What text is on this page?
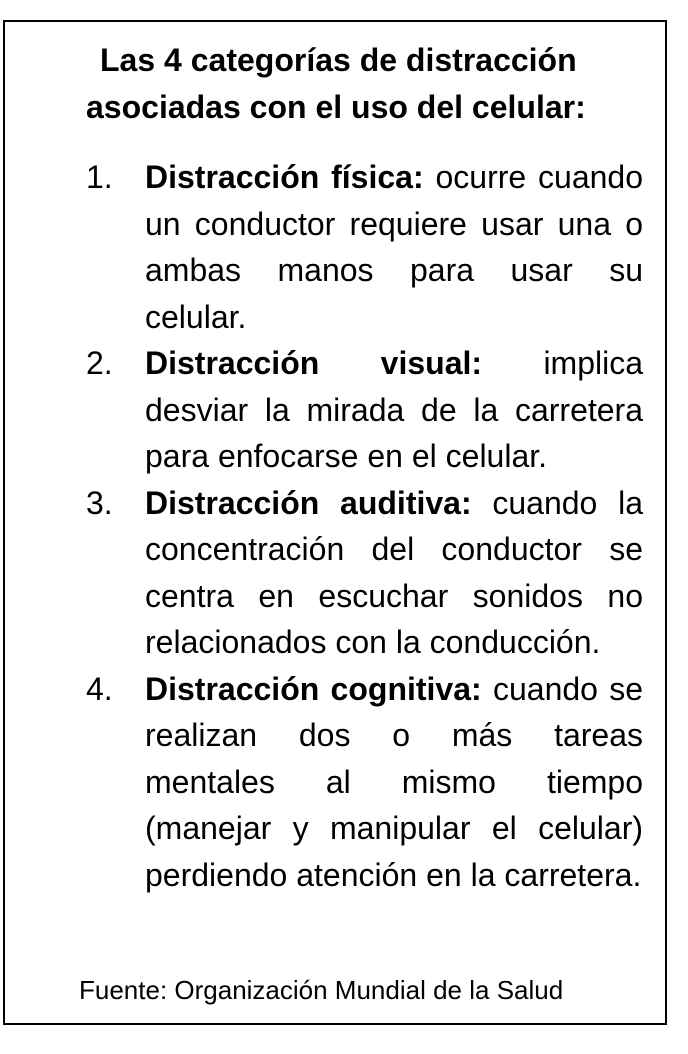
Las 4 categorías de distracción
asociadas con el uso del celular:
1. Distracción física: ocurre cuando un conductor requiere usar una o ambas manos para usar su celular.
2. Distracción visual: implica desviar la mirada de la carretera para enfocarse en el celular.
3. Distracción auditiva: cuando la concentración del conductor se centra en escuchar sonidos no relacionados con la conducción.
4. Distracción cognitiva: cuando se realizan dos o más tareas mentales al mismo tiempo (manejar y manipular el celular) perdiendo atención en la carretera.

Fuente: Organización Mundial de la Salud
